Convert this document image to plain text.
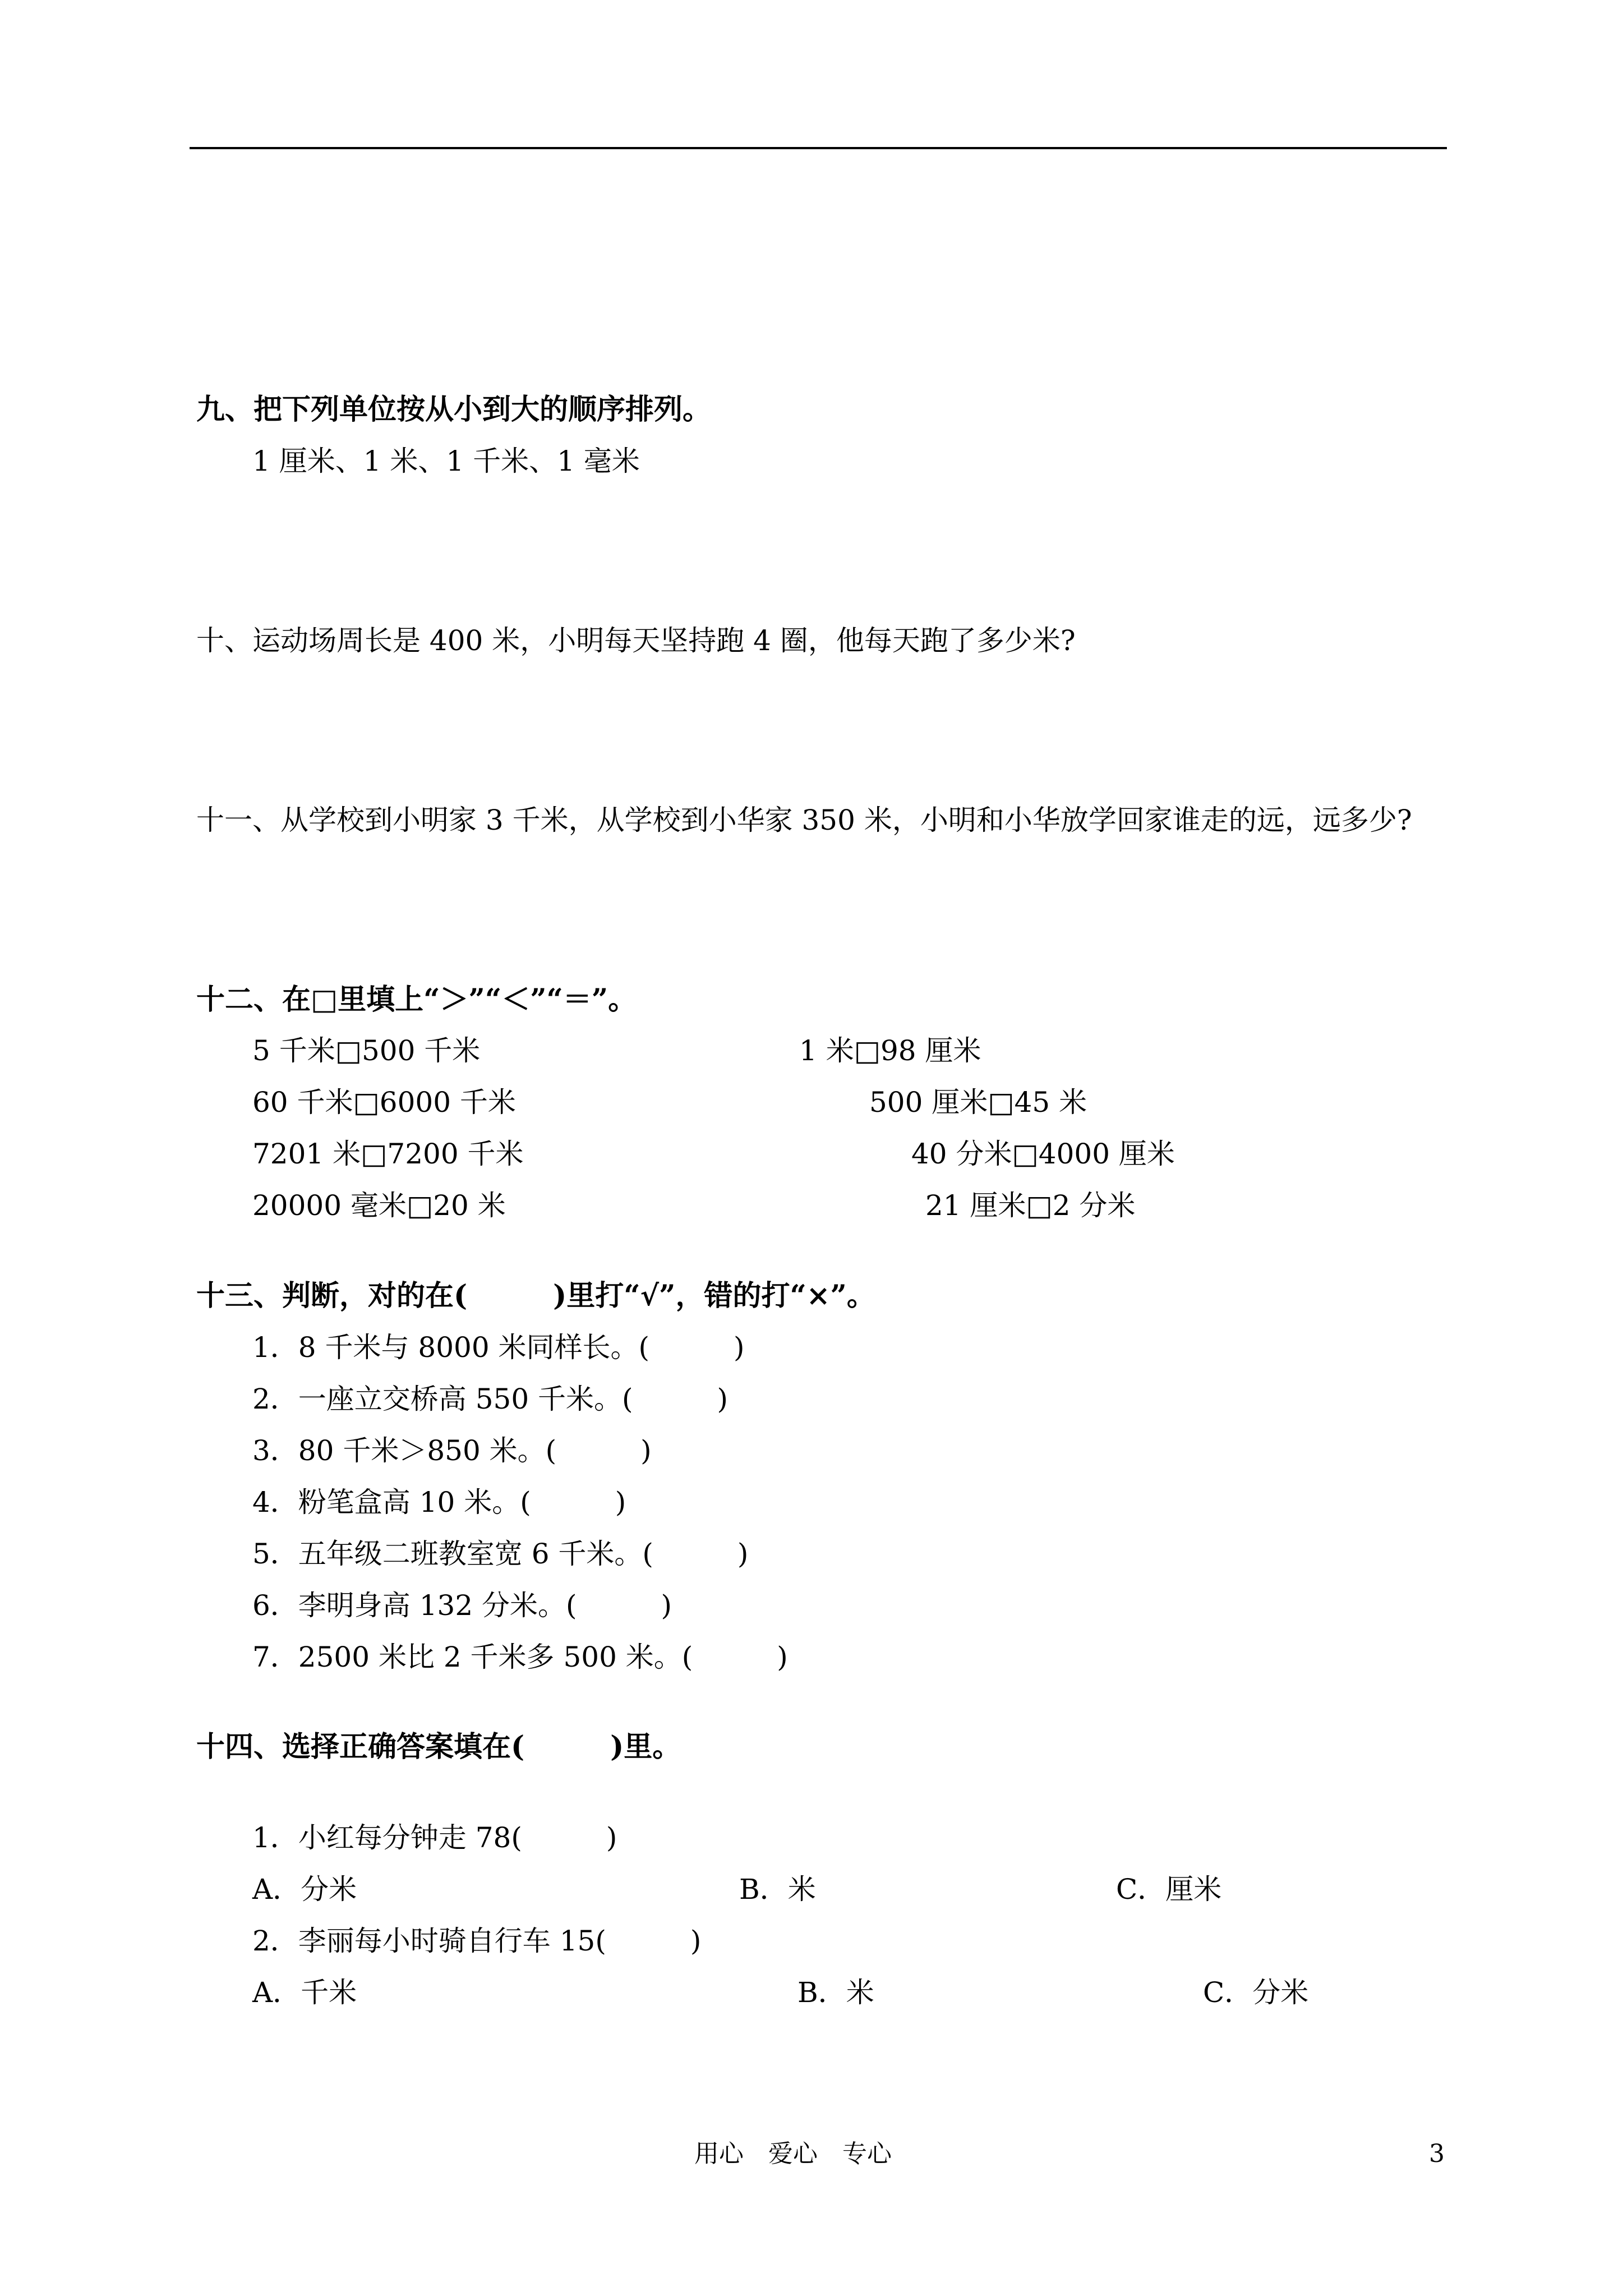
九、把下列单位按从小到大的顺序排列。
1 厘米、1 米、1 千米、1 毫米
十、运动场周长是 400 米，小明每天坚持跑 4 圈，他每天跑了多少米?
十一、从学校到小明家 3 千米，从学校到小华家 350 米，小明和小华放学回家谁走的远，远多少?
十二、在□里填上“＞”“＜”“＝”。
5 千米□500 千米	1 米□98 厘米
60 千米□6000 千米	500 厘米□45 米
7201 米□7200 千米	40 分米□4000 厘米
20000 毫米□20 米	21 厘米□2 分米
十三、判断，对的在(　　　)里打“√”，错的打“×”。
1．8 千米与 8000 米同样长。(　　　)
2．一座立交桥高 550 千米。(　　　)
3．80 千米＞850 米。(　　　)
4．粉笔盒高 10 米。(　　　)
5．五年级二班教室宽 6 千米。(　　　)
6．李明身高 132 分米。(　　　)
7．2500 米比 2 千米多 500 米。(　　　)
十四、选择正确答案填在(　　　)里。
1．小红每分钟走 78(　　　)
A．分米	B．米	C．厘米
2．李丽每小时骑自行车 15(　　　)
A．千米	B．米	C．分米
用心　爱心　专心	3
